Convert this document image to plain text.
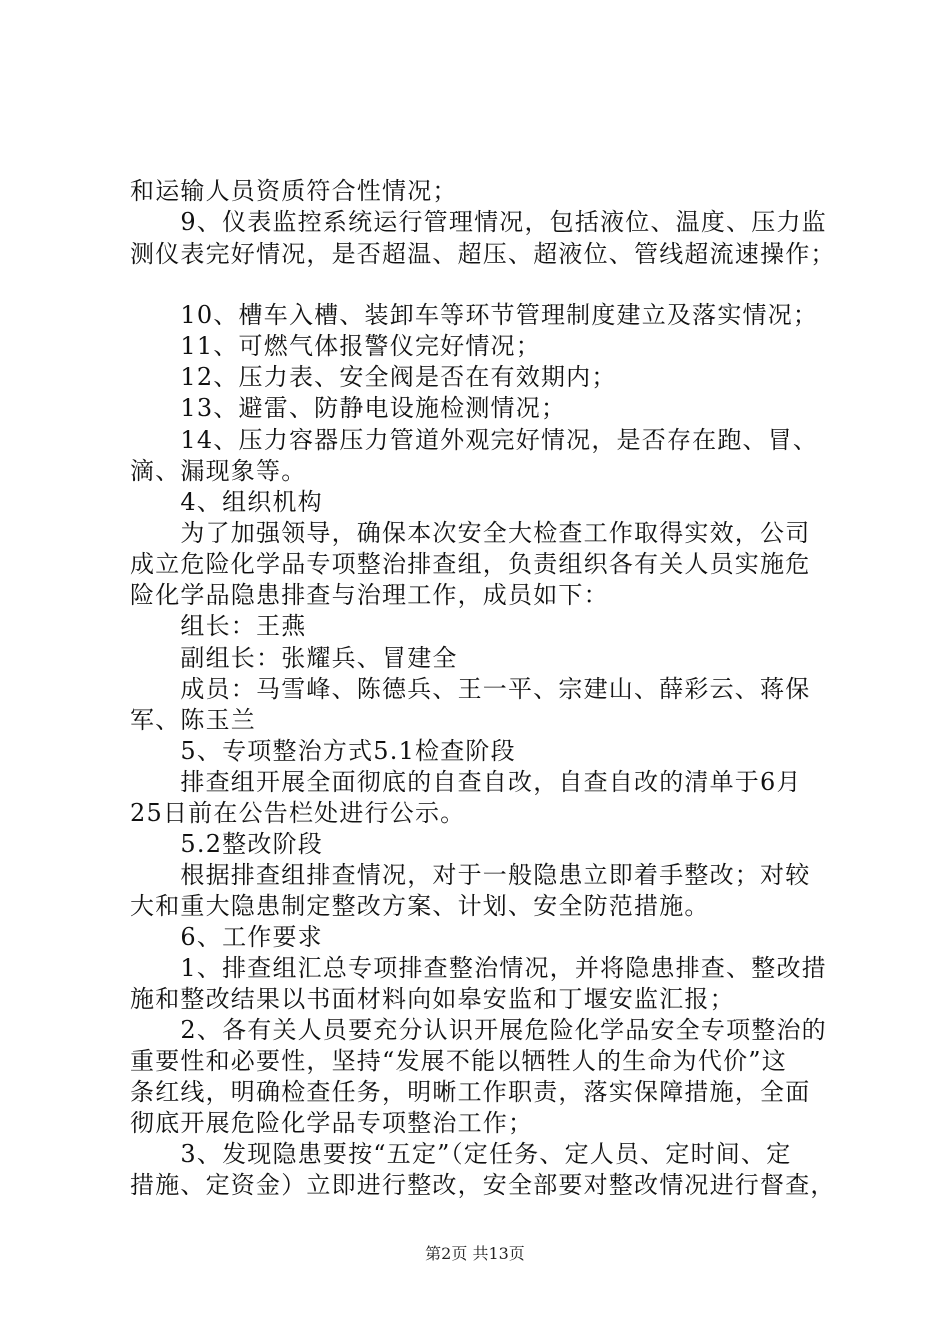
和运输人员资质符合性情况；
　　9、仪表监控系统运行管理情况，包括液位、温度、压力监
测仪表完好情况，是否超温、超压、超液位、管线超流速操作；
　　10、槽车入槽、装卸车等环节管理制度建立及落实情况；
　　11、可燃气体报警仪完好情况；
　　12、压力表、安全阀是否在有效期内；
　　13、避雷、防静电设施检测情况；
　　14、压力容器压力管道外观完好情况，是否存在跑、冒、
滴、漏现象等。
　　4、组织机构
　　为了加强领导，确保本次安全大检查工作取得实效，公司
成立危险化学品专项整治排查组，负责组织各有关人员实施危
险化学品隐患排查与治理工作，成员如下：
　　组长：王燕
　　副组长：张耀兵、冒建全
　　成员：马雪峰、陈德兵、王一平、宗建山、薛彩云、蒋保
军、陈玉兰
　　5、专项整治方式5.1检查阶段
　　排查组开展全面彻底的自查自改，自查自改的清单于6月
25日前在公告栏处进行公示。
　　5.2整改阶段
　　根据排查组排查情况，对于一般隐患立即着手整改；对较
大和重大隐患制定整改方案、计划、安全防范措施。
　　6、工作要求
　　1、排查组汇总专项排查整治情况，并将隐患排查、整改措
施和整改结果以书面材料向如皋安监和丁堰安监汇报；
　　2、各有关人员要充分认识开展危险化学品安全专项整治的
重要性和必要性，坚持“发展不能以牺牲人的生命为代价”这
条红线，明确检查任务，明晰工作职责，落实保障措施，全面
彻底开展危险化学品专项整治工作；
　　3、发现隐患要按“五定”（定任务、定人员、定时间、定
措施、定资金）立即进行整改，安全部要对整改情况进行督查，
第2页 共13页
